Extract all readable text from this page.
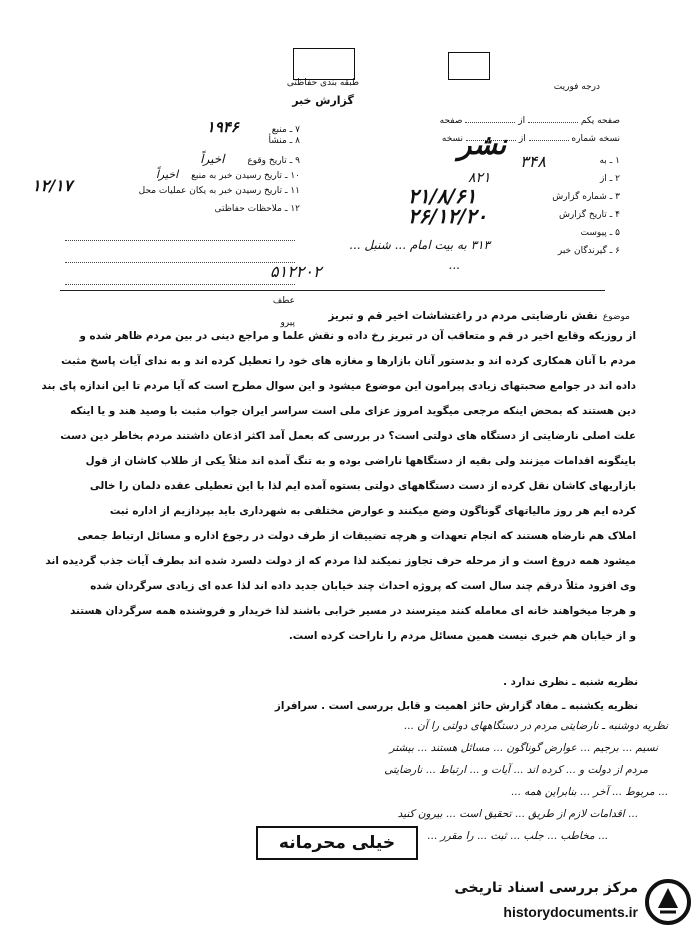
طبقه بندی حفاظتی
گزارش خبر
درجه فوریت
صفحه یکم  از  صفحه
نسخه شماره  از  نسخه
۱ ـ به
۲ ـ از
۳ ـ شماره گزارش
۴ ـ تاریخ گزارش
۵ ـ پیوست
۶ ـ گیرندگان خبر
نشر
۳۴۸
۸۲۱
۲۱/۸/۶۱
۲۶/۱۲/۲۰
۳۱۳ به بیت امام ... شنبل ...
...
۵۱۲۲۰۲
۷ ـ منبع ۱۹۴۶
۸ ـ منشأ
۹ ـ تاریخ وقوع اخیراً
۱۰ ـ تاریخ رسیدن خبر به منبع اخیراً
۱۱ ـ تاریخ رسیدن خبر به یکان عملیات محل
۱۲/۱۷
۱۲ ـ ملاحظات حفاظتی
عطف
پیرو
موضوع نقش نارضایتی مردم در راغتشاشات اخیر قم و تبریز
از روزیکه وقایع اخیر در قم و متعاقب آن در تبریز رخ داده و نقش علما و مراجع دینی در بین مردم ظاهر شده و
مردم با آنان همکاری کرده اند و بدستور آنان بازارها و مغازه های خود را تعطیل کرده اند و به ندای آیات پاسخ مثبت
داده اند در جوامع صحبتهای زیادی پیرامون این موضوع میشود و این سوال مطرح است که آیا مردم تا این اندازه پای بند
دین هستند که بمحض اینکه مرجعی میگوید امروز عزای ملی است سراسر ایران جواب مثبت با وصید هند و یا اینکه
علت اصلی نارضایتی از دستگاه های دولتی است؟ در بررسی که بعمل آمد اکثر اذعان داشتند مردم بخاطر دین دست
باینگونه اقدامات میزنند ولی بقیه از دستگاهها ناراضی بوده و به تنگ آمده اند مثلاً یکی از طلاب کاشان از قول
بازاریهای کاشان نقل کرده از دست دستگاههای دولتی بستوه آمده ایم لذا با این تعطیلی عقده دلمان را خالی
کرده ایم هر روز مالیاتهای گوناگون وضع میکنند و عوارض مختلفی به شهرداری باید بپردازیم از اداره ثبت
املاک هم نارضاه هستند که انجام تعهدات و هرچه تضییقات از طرف دولت در رجوع اداره و مسائل ارتباط جمعی
میشود همه دروغ است و از مرحله حرف تجاوز نمیکند لذا مردم که از دولت دلسرد شده اند بطرف آیات جذب گردیده اند
وی افزود مثلاً درقم چند سال است که پروژه احداث چند خیابان جدید داده اند لذا عده ای زیادی سرگردان شده
و هرجا میخواهند خانه ای معامله کنند میترسند در مسیر خرابی باشند لذا خریدار و فروشنده همه سرگردان هستند
و از خیابان هم خبری نیست همین مسائل مردم را ناراحت کرده است.
نظریه شنبه ـ نظری ندارد .
نظریه یکشنبه ـ مفاد گزارش حائز اهمیت و قابل بررسی است . سرافراز
نظریه دوشنبه ـ نارضایتی مردم در دستگاههای دولتی را آن ...
نسیم ... برجیم ... عوارض گوناگون ... مسائل هستند ... بیشتر
مردم از دولت و ... کرده اند ... آیات و ... ارتباط ... نارضایتی
... مربوط ... آخر ... بنابراین همه ...
... اقدامات لازم از طریق ... تحقیق است ... بیرون کنید
... مخاطب ... جلب ... ثبت ... را مقرر ...
خیلی محرمانه
مرکز بررسی اسناد تاریخی
historydocuments.ir
